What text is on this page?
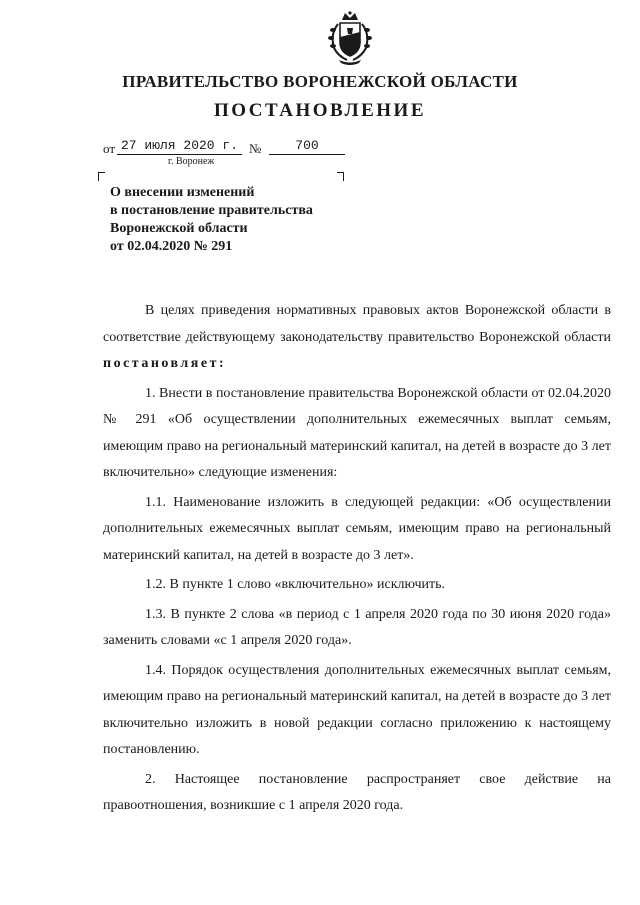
ПРАВИТЕЛЬСТВО ВОРОНЕЖСКОЙ ОБЛАСТИ
ПОСТАНОВЛЕНИЕ
от 27 июля 2020 г. №	700
г. Воронеж
О внесении изменений
в постановление правительства
Воронежской области
от 02.04.2020 № 291

В целях приведения нормативных правовых актов Воронежской области в соответствие действующему законодательству правительство Воронежской области постановляет:

1. Внести в постановление правительства Воронежской области от 02.04.2020 № 291 «Об осуществлении дополнительных ежемесячных выплат семьям, имеющим право на региональный материнский капитал, на детей в возрасте до 3 лет включительно» следующие изменения:

1.1. Наименование изложить в следующей редакции: «Об осуществлении дополнительных ежемесячных выплат семьям, имеющим право на региональный материнский капитал, на детей в возрасте до 3 лет».

1.2. В пункте 1 слово «включительно» исключить.

1.3. В пункте 2 слова «в период с 1 апреля 2020 года по 30 июня 2020 года» заменить словами «с 1 апреля 2020 года».

1.4. Порядок осуществления дополнительных ежемесячных выплат семьям, имеющим право на региональный материнский капитал, на детей в возрасте до 3 лет включительно изложить в новой редакции согласно приложению к настоящему постановлению.

2. Настоящее постановление распространяет свое действие на правоотношения, возникшие с 1 апреля 2020 года.
